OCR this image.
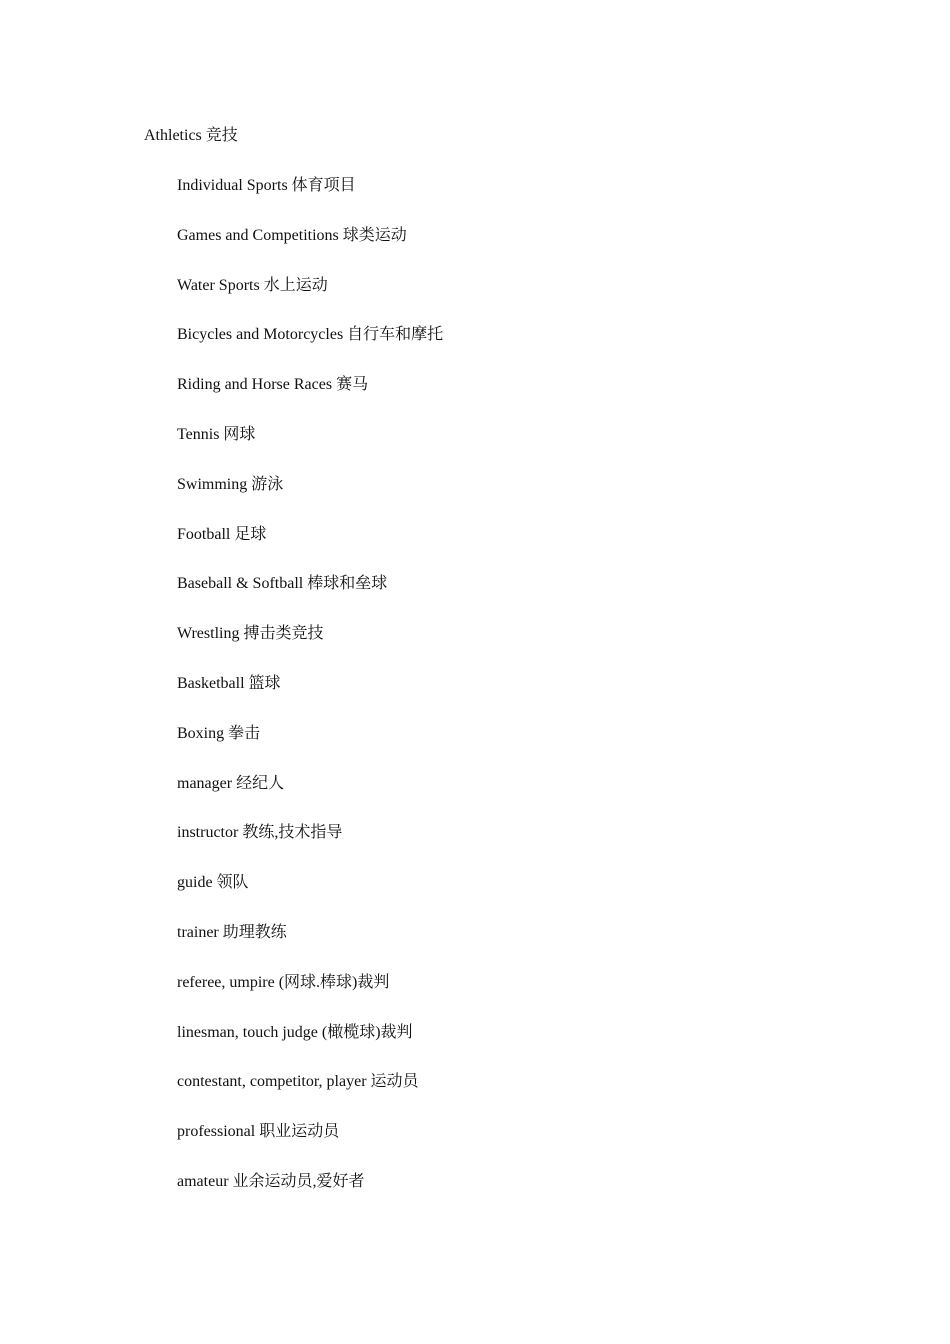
Athletics 竞技
Individual Sports 体育项目
Games and Competitions 球类运动
Water Sports 水上运动
Bicycles and Motorcycles 自行车和摩托
Riding and Horse Races 赛马
Tennis 网球
Swimming 游泳
Football 足球
Baseball & Softball 棒球和垒球
Wrestling 搏击类竞技
Basketball 篮球
Boxing 拳击
manager 经纪人
instructor 教练,技术指导
guide 领队
trainer 助理教练
referee, umpire (网球.棒球)裁判
linesman, touch judge (橄榄球)裁判
contestant, competitor, player 运动员
professional 职业运动员
amateur 业余运动员,爱好者
